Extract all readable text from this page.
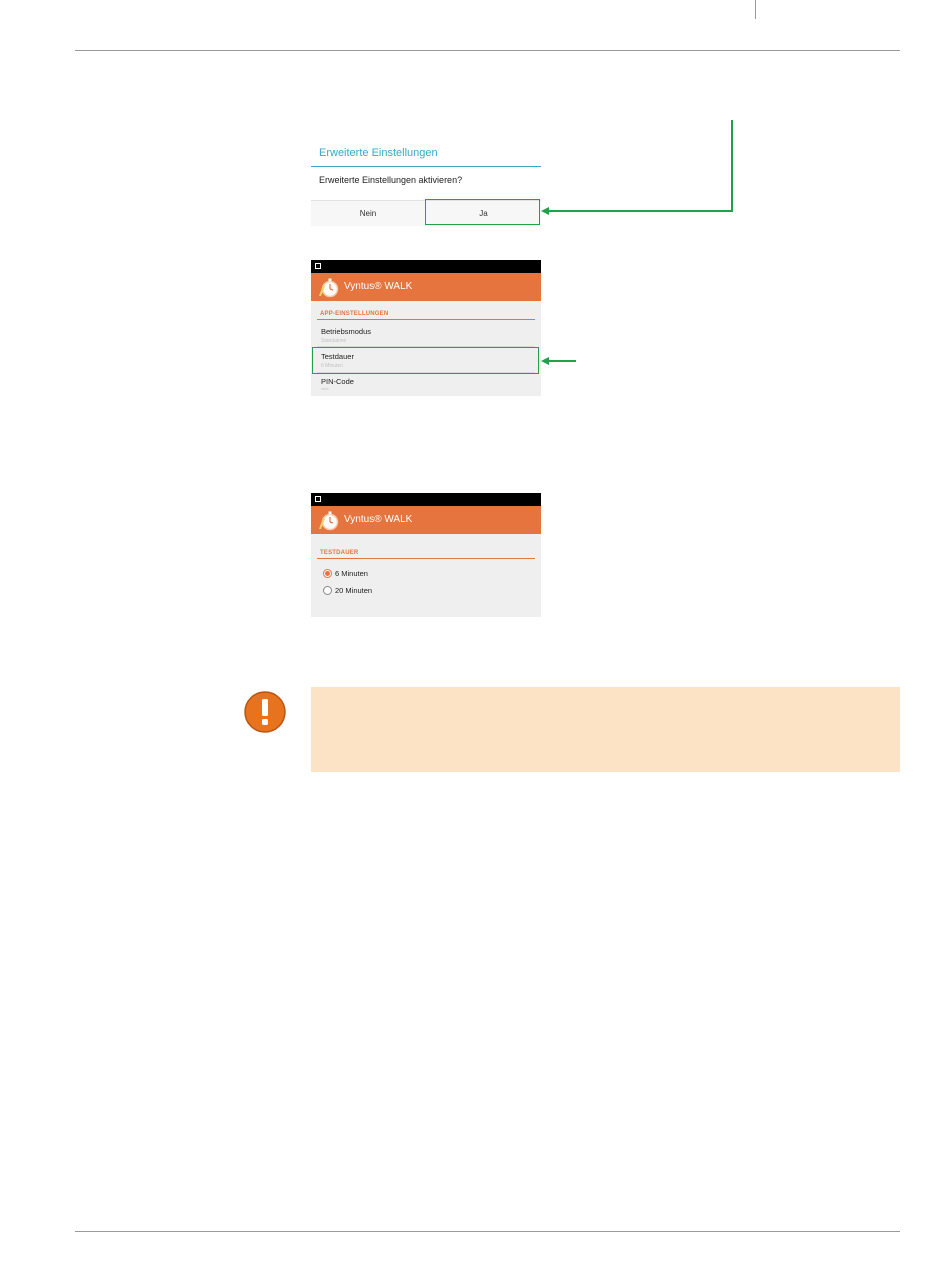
Erweiterte Einstellungen
Erweiterte Einstellungen aktivieren?
Nein	Ja
Vyntus® WALK
APP-EINSTELLUNGEN
Betriebsmodus
Standalone
Testdauer
6 Minuten
PIN-Code
****
Vyntus® WALK
TESTDAUER
6 Minuten
20 Minuten
